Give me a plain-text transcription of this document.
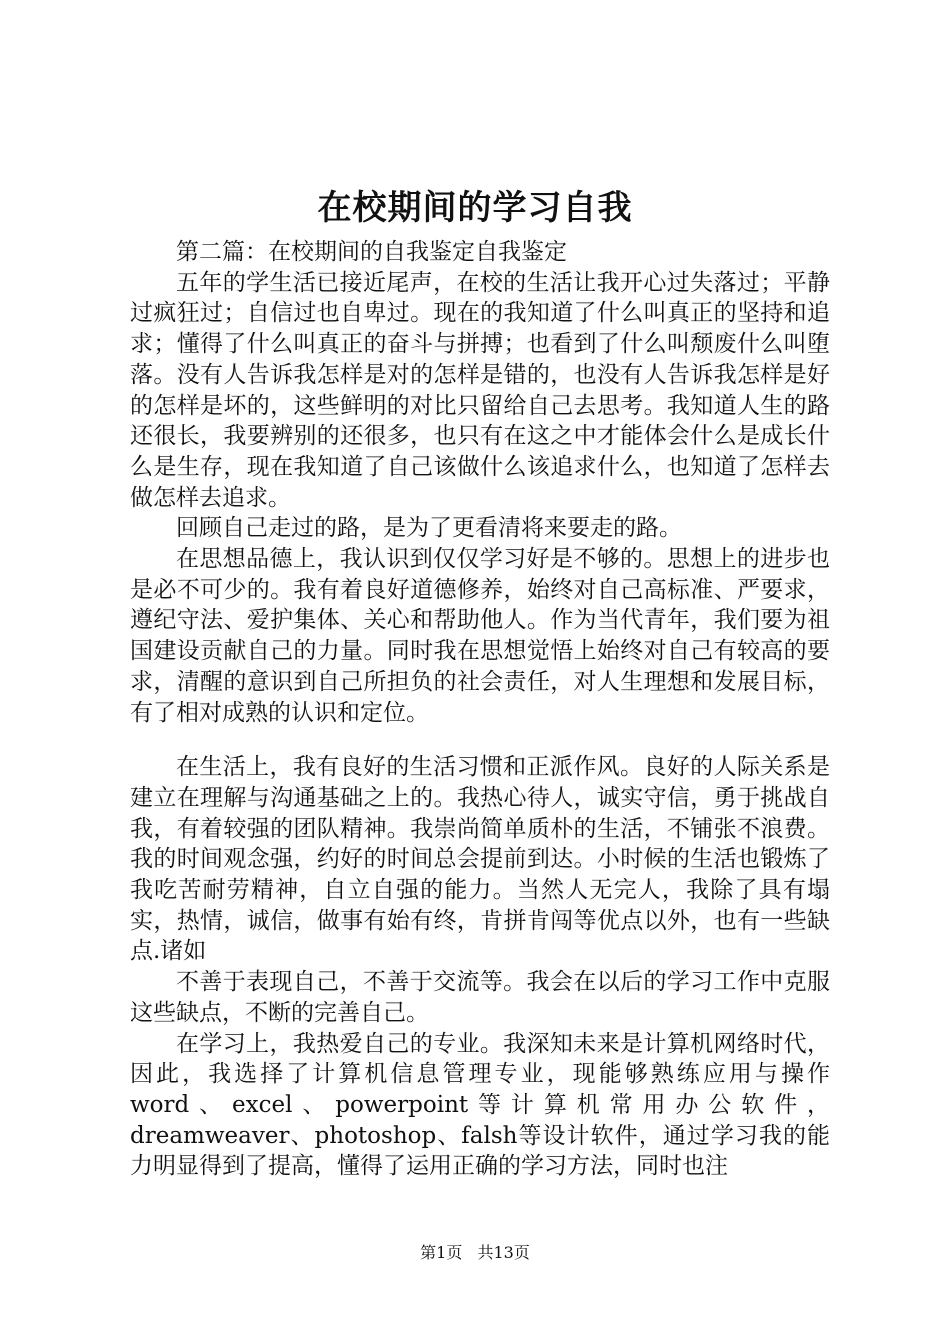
在校期间的学习自我

第二篇：在校期间的自我鉴定自我鉴定

五年的学生活已接近尾声，在校的生活让我开心过失落过；平静过疯狂过；自信过也自卑过。现在的我知道了什么叫真正的坚持和追求；懂得了什么叫真正的奋斗与拼搏；也看到了什么叫颓废什么叫堕落。没有人告诉我怎样是对的怎样是错的，也没有人告诉我怎样是好的怎样是坏的，这些鲜明的对比只留给自己去思考。我知道人生的路还很长，我要辨别的还很多，也只有在这之中才能体会什么是成长什么是生存，现在我知道了自己该做什么该追求什么，也知道了怎样去做怎样去追求。

回顾自己走过的路，是为了更看清将来要走的路。

在思想品德上，我认识到仅仅学习好是不够的。思想上的进步也是必不可少的。我有着良好道德修养，始终对自己高标准、严要求，遵纪守法、爱护集体、关心和帮助他人。作为当代青年，我们要为祖国建设贡献自己的力量。同时我在思想觉悟上始终对自己有较高的要求，清醒的意识到自己所担负的社会责任，对人生理想和发展目标，有了相对成熟的认识和定位。

在生活上，我有良好的生活习惯和正派作风。良好的人际关系是建立在理解与沟通基础之上的。我热心待人，诚实守信，勇于挑战自我，有着较强的团队精神。我崇尚简单质朴的生活，不铺张不浪费。我的时间观念强，约好的时间总会提前到达。小时候的生活也锻炼了我吃苦耐劳精神，自立自强的能力。当然人无完人，我除了具有塌实，热情，诚信，做事有始有终，肯拼肯闯等优点以外，也有一些缺点.诸如

不善于表现自己，不善于交流等。我会在以后的学习工作中克服这些缺点，不断的完善自己。

在学习上，我热爱自己的专业。我深知未来是计算机网络时代，因此，我选择了计算机信息管理专业，现能够熟练应用与操作word、excel、powerpoint等计算机常用办公软件，dreamweaver、photoshop、falsh等设计软件，通过学习我的能力明显得到了提高，懂得了运用正确的学习方法，同时也注

第1页 共13页
